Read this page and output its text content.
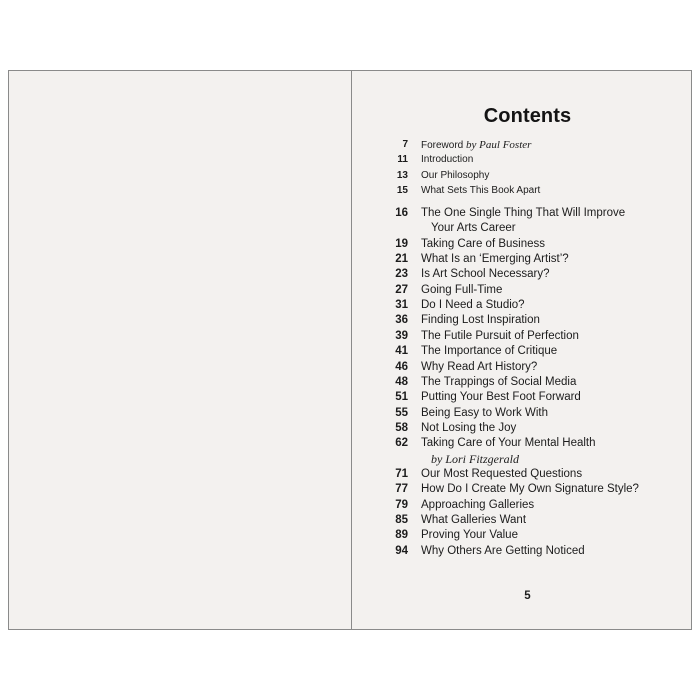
Contents
7 Foreword by Paul Foster
11 Introduction
13 Our Philosophy
15 What Sets This Book Apart
16 The One Single Thing That Will Improve
Your Arts Career
19 Taking Care of Business
21 What Is an ‘Emerging Artist’?
23 Is Art School Necessary?
27 Going Full-Time
31 Do I Need a Studio?
36 Finding Lost Inspiration
39 The Futile Pursuit of Perfection
41 The Importance of Critique
46 Why Read Art History?
48 The Trappings of Social Media
51 Putting Your Best Foot Forward
55 Being Easy to Work With
58 Not Losing the Joy
62 Taking Care of Your Mental Health
by Lori Fitzgerald
71 Our Most Requested Questions
77 How Do I Create My Own Signature Style?
79 Approaching Galleries
85 What Galleries Want
89 Proving Your Value
94 Why Others Are Getting Noticed
5
